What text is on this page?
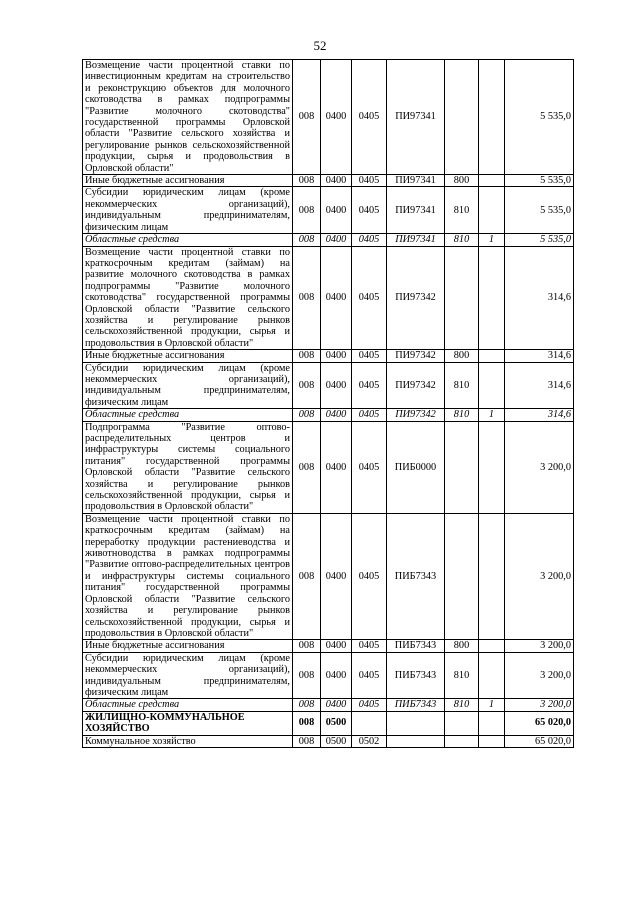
52
Возмещение части процентной ставки по инвестиционным кредитам на строительство и реконструкцию объектов для молочного скотоводства в рамках подпрограммы "Развитие молочного скотоводства" государственной программы Орловской области "Развитие сельского хозяйства и регулирование рынков сельскохозяйственной продукции, сырья и продовольствия в Орловской области"	008	0400	0405	ПИ97341			5 535,0
Иные бюджетные ассигнования	008	0400	0405	ПИ97341	800		5 535,0
Субсидии юридическим лицам (кроме некоммерческих организаций), индивидуальным предпринимателям, физическим лицам	008	0400	0405	ПИ97341	810		5 535,0
Областные средства	008	0400	0405	ПИ97341	810	1	5 535,0
Возмещение части процентной ставки по краткосрочным кредитам (займам) на развитие молочного скотоводства в рамках подпрограммы "Развитие молочного скотоводства" государственной программы Орловской области "Развитие сельского хозяйства и регулирование рынков сельскохозяйственной продукции, сырья и продовольствия в Орловской области"	008	0400	0405	ПИ97342			314,6
Иные бюджетные ассигнования	008	0400	0405	ПИ97342	800		314,6
Субсидии юридическим лицам (кроме некоммерческих организаций), индивидуальным предпринимателям, физическим лицам	008	0400	0405	ПИ97342	810		314,6
Областные средства	008	0400	0405	ПИ97342	810	1	314,6
Подпрограмма "Развитие оптово-распределительных центров и инфраструктуры системы социального питания" государственной программы Орловской области "Развитие сельского хозяйства и регулирование рынков сельскохозяйственной продукции, сырья и продовольствия в Орловской области"	008	0400	0405	ПИБ0000			3 200,0
Возмещение части процентной ставки по краткосрочным кредитам (займам) на переработку продукции растениеводства и животноводства в рамках подпрограммы "Развитие оптово-распределительных центров и инфраструктуры системы социального питания" государственной программы Орловской области "Развитие сельского хозяйства и регулирование рынков сельскохозяйственной продукции, сырья и продовольствия в Орловской области"	008	0400	0405	ПИБ7343			3 200,0
Иные бюджетные ассигнования	008	0400	0405	ПИБ7343	800		3 200,0
Субсидии юридическим лицам (кроме некоммерческих организаций), индивидуальным предпринимателям, физическим лицам	008	0400	0405	ПИБ7343	810		3 200,0
Областные средства	008	0400	0405	ПИБ7343	810	1	3 200,0
ЖИЛИЩНО-КОММУНАЛЬНОЕ ХОЗЯЙСТВО	008	0500					65 020,0
Коммунальное хозяйство	008	0500	0502				65 020,0
